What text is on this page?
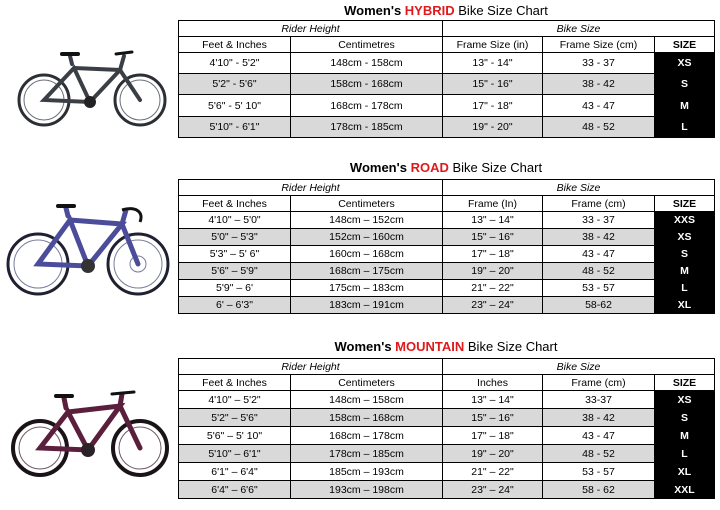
Women's HYBRID Bike Size Chart
Rider Height		Bike Size		
Feet & Inches	Centimetres	Frame Size (in)	Frame Size (cm)	SIZE
4'10" - 5'2"	148cm - 158cm	13" - 14"	33 - 37	XS
5'2" - 5'6"	158cm - 168cm	15" - 16"	38 - 42	S
5'6" - 5' 10"	168cm - 178cm	17" - 18"	43 - 47	M
5'10" - 6'1"	178cm - 185cm	19" - 20"	48 - 52	L
Women's ROAD Bike Size Chart
Rider Height		Bike Size		
Feet & Inches	Centimeters	Frame (In)	Frame (cm)	SIZE
4'10" – 5'0"	148cm – 152cm	13" – 14"	33 - 37	XXS
5'0" – 5'3"	152cm – 160cm	15" – 16"	38 - 42	XS
5'3" – 5' 6"	160cm – 168cm	17" – 18"	43 - 47	S
5'6" – 5'9"	168cm – 175cm	19" – 20"	48 - 52	M
5'9" – 6'	175cm – 183cm	21" – 22"	53 - 57	L
6' – 6'3"	183cm – 191cm	23" – 24"	58-62	XL
Women's MOUNTAIN Bike Size Chart
Rider Height		Bike Size		
Feet & Inches	Centimeters	Inches	Frame (cm)	SIZE
4'10" – 5'2"	148cm – 158cm	13" – 14"	33-37	XS
5'2" – 5'6"	158cm – 168cm	15" – 16"	38 - 42	S
5'6" – 5' 10"	168cm – 178cm	17" – 18"	43 - 47	M
5'10" – 6'1"	178cm – 185cm	19" – 20"	48 - 52	L
6'1" – 6'4"	185cm – 193cm	21" – 22"	53 - 57	XL
6'4" – 6'6"	193cm – 198cm	23" – 24"	58 - 62	XXL
